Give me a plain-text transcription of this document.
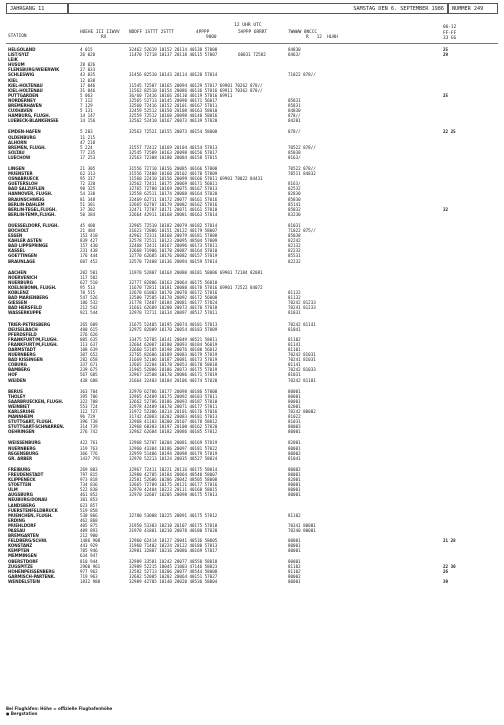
JAHRGANG 11	SAMSTAG DEN 6. SEPTEMBER 1986	NUMMER 249
12 UHR UTC
STATION
HOEHE III IIWVV NDDFF 1STTT 2STTT	4PPPP	5APPP 6RRRT	7WWWW 8NCCC
RX	9000	R   12  HLNH
06-12
FF-FF
33 GG
HELGOLAND	4 015	32462 52619 10152 20114 40138 57008	84830	25
LIST/SYLT	26 020	11470 72718 10137 20118 40115 57007	60031 72582	8463/	29
LEIK
HUSUM	28 026
FLENSBURG/WEIERWIK	27 033
SCHLESWIG	43 035	31456 82510 10143 20114 40128 57014	71022 878//
KIEL	12 038
KIEL-HOLTENAU	17 046	11545 72507 10165 20094 40129 57017 69901 70262 878//
KIEL-HOLTENAU	31 046	11562 82510 10154 20086 40136 57016 69911 70362 878//
PUTTGARDEN	5 063	36/60 72416 10166 20110 40119 57016 69911	25
NORDERNEY	7 112	32565 52713 10145 20098 40171 56017	85831
BREMERHAVEN	7 129	32560 72416 10152 20101 40167 57011	85831
CUXHAVEN	5 131	32459 52512 10150 20108 40163 58010	84830
HAMBURG, FLUGH.	14 147	32559 72512 10160 20098 40140 58016	878//
LUEBECK-BLANKENSEE	14 156	32562 52410 10167 20073 40139 57020	84201
EMDEN-HAFEN	5 203	32563 72521 10155 20073 40154 58008	878//	22 25
OLDENBURG	11 215
ALHORN	47 218
BREMEN, FLUGH.	5 224	31557 72412 10169 20104 40154 57013	70522 878//
SOLTAU	77 235	32545 72509 10163 20098 40156 57017	85030
LUECHOW	17 253	32563 72308 10180 20084 40158 57015	8163/
LINGEN	21 305	31556 72710 10156 20085 40166 57008	70522 878//
MUENSTER	62 313	31556 72408 10160 20102 40170 57009	70511 84832
OSNABRUECK	95 317	11560 22410 10156 20099 40166 57011 69901 78022 84431
GUETERSLOH	72 320	32562 72411 10175 20069 40171 56011	8163/
BAD SALZUFLEN	98 325	32765 72708 10169 20075 40167 57013	82532
HANNOVER, FLUGH.	54 338	32558 62511 10174 20088 40164 57020	82830
BRAUNSCHWEIG	81 348	32469 62711 10172 20077 40161 57016	85830
BERLIN-DAHLEM	51 381	32665 62707 10179 20082 40162 57016	85141
BERLIN-TEGEL,FLUGH.	37 382	32471 72707 10171 20071 40161 57018	85832	32
BERLIN-TEMP.,FLUGH.	50 384	32664 42911 10168 20081 40163 57014	83230
DUESSELDORF, FLUGH.	45 400	32965 72510 10182 20079 40182 57014	81031
BOCHOLT	21 404	31623 72806 10151 20122 40179 58007	71022 875//
ESSEN	152 410	42962 72311 10160 20079 40181 57008	85038
KAHLER ASTEN	839 427	32578 72511 10123 20095 48504 57009	82242
BAD LIPPSPRINGE	157 430	32468 72411 10167 20096 40173 57011	82132
KASSEL	231 438	32668 71906 10178 20087 40164 57010	82232
GOETTINGEN	176 444	32770 62605 10176 20082 40157 57019	85531
BRAUNLAGE	607 452	32570 72408 10136 20094 40159 57014	82232
AACHEN	202 501	11970 52807 10164 20080 40181 58006 69901 72184 82081
NOERVENICH	117 502
NUERBURG	627 510	32777 82806 10163 20064 40175 56010
KOELN/BONN, FLUGH.	95 513	11670 72811 10181 20088 40178 57016 69901 72522 84072
KOBLENZ	70 515	32670 61003 10170 20070 40172 57016	81132
BAD MARIENBERG	547 526	32580 72505 10170 20092 40172 56008	81132
GIESSEN	186 532	31778 72407 10184 20081 40177 57024	70242 81233
BAD HERSFELD	212 542	31663 62609 10200 20073 40170 57018	70241 81233
WASSERKUPPE	921 544	32970 72711 10134 20097 48517 57011	81031
TRIER-PETRISBERG	265 609	31675 52405 10195 20074 40181 57013	70242 81141
DEUSELBACH	480 615	32975 82809 10170 20054 40183 57009	81041
PFERDSFELD	276 626
FRANKFURT/M,FLUGH.	805 635	33475 52705 10141 20049 48521 58011	81102
FRANKFURT/M,FLUGH.	113 637	32664 62007 10180 20093 40184 56019	81141
DARMSTADT	108 639	32660 52105 10198 20076 40180 56012	81101
NUERNBERG	307 652	32765 82606 10189 20083 40179 57019	70242 81031
BAD KISSINGEN	282 658	31669 52106 10187 20081 40173 57019	70241 81031
COBURG	337 671	32665 32204 10178 20053 40178 58018	81141
BAMBERG	239 675	31965 52806 10186 20073 40175 57019	70242 81033
HOF	567 685	32967 32508 10170 20086 40171 57019	81031
WEIDEN	438 688	31664 32403 10184 20106 40174 57020	70242 81101
BERUS	363 704	32970 62706 10177 20098 40186 57008	80001
THOLEY	395 706	32965 42409 10175 20092 40183 57011	80001
SAARBRUECKEN, FLUGH.	322 708	32662 52706 10186 20093 40187 57010	80001
WEINBIET	553 724	32978 42409 10170 20071 40177 57011	82001
KARLSRUHE	112 727	31972 52306 10214 20101 40176 57016	70242 80002
MANNHEIM	96 729	31742 42003 10202 20083 40181 57013	81022
STUTTGART, FLUGH.	396 738	32968 41103 10200 20107 40178 58012	81031
STUTTGART-SCHNARREN.	314 739	32968 60303 10197 20100 40162 57020	80003
OEHRINGEN	276 742	32962 62604 10182 20086 40185 57012	80001
WEISSENBURG	422 761	32968 52707 10204 20081 40169 57019	82001
NUERNBERG	319 763	32960 43304 10186 20097 40181 57022	80001
REGENSBURG	366 776	32959 51406 10194 20098 40179 57019	80002
GR. ARBER	1437 791	32970 52213 10124 20035 48527 58024	81041
FREIBURG	269 803	32967 72411 10221 20116 40175 58014	80002
FREUDENSTADT	797 815	32980 42705 10184 20064 48540 58007	80001
KLIPPENECK	973 818	32581 52606 10206 20042 48505 58008	82001
STOETTEN	734 836	32665 72709 10175 20121 40177 57016	80001
ULM	522 838	32970 42404 10223 20111 40168 58015	80001
AUGSBURG	461 852	32970 32607 10205 20098 40175 57013	80001
NEUBURG/DONAU	381 853
LANDSBERG	623 857
FUERSTENFELDBRUCK	519 858
MUENCHEN, FLUGH.	530 866	32780 53008 10225 20091 40175 57012	81102
ERDING	462 868
MUEHLDORF	405 875	31950 53303 10210 20107 40175 57018	70341 80001
PASSAU	409 893	31970 41801 10210 20078 40180 57020	70240 80001
BREMGARTEN	212 900
FELDBERG/SCHW.	1486 908	32960 62414 10127 20041 48536 58005	80001	21 28
KONSTANZ	443 929	31960 71402 10224 20122 40180 57013	80001
KEMPTEN	705 946	32981 32807 10216 20086 40169 57017	80001
MEMMINGEN	634 947
OBERSTDORF	810 944	32989 33501 10242 20077 48550 58018	80001
ZUGSPITZE	2960 961	32989 52215 10045 21003 47146 58023	81102	22 30
HOHENPEISSENBERG	977 962	32582 52713 10206 20077 48544 58008	81102	26
GARMISCH-PARTENK.	719 963	32682 52005 10202 20064 40151 57027	80002
WENDELSTEIN	1832 980	32989 42705 10140 20020 48536 58004	80001	39
Bei Flughäfen: Höhe = offizielle Flughafenhöhe
● Bergstation
